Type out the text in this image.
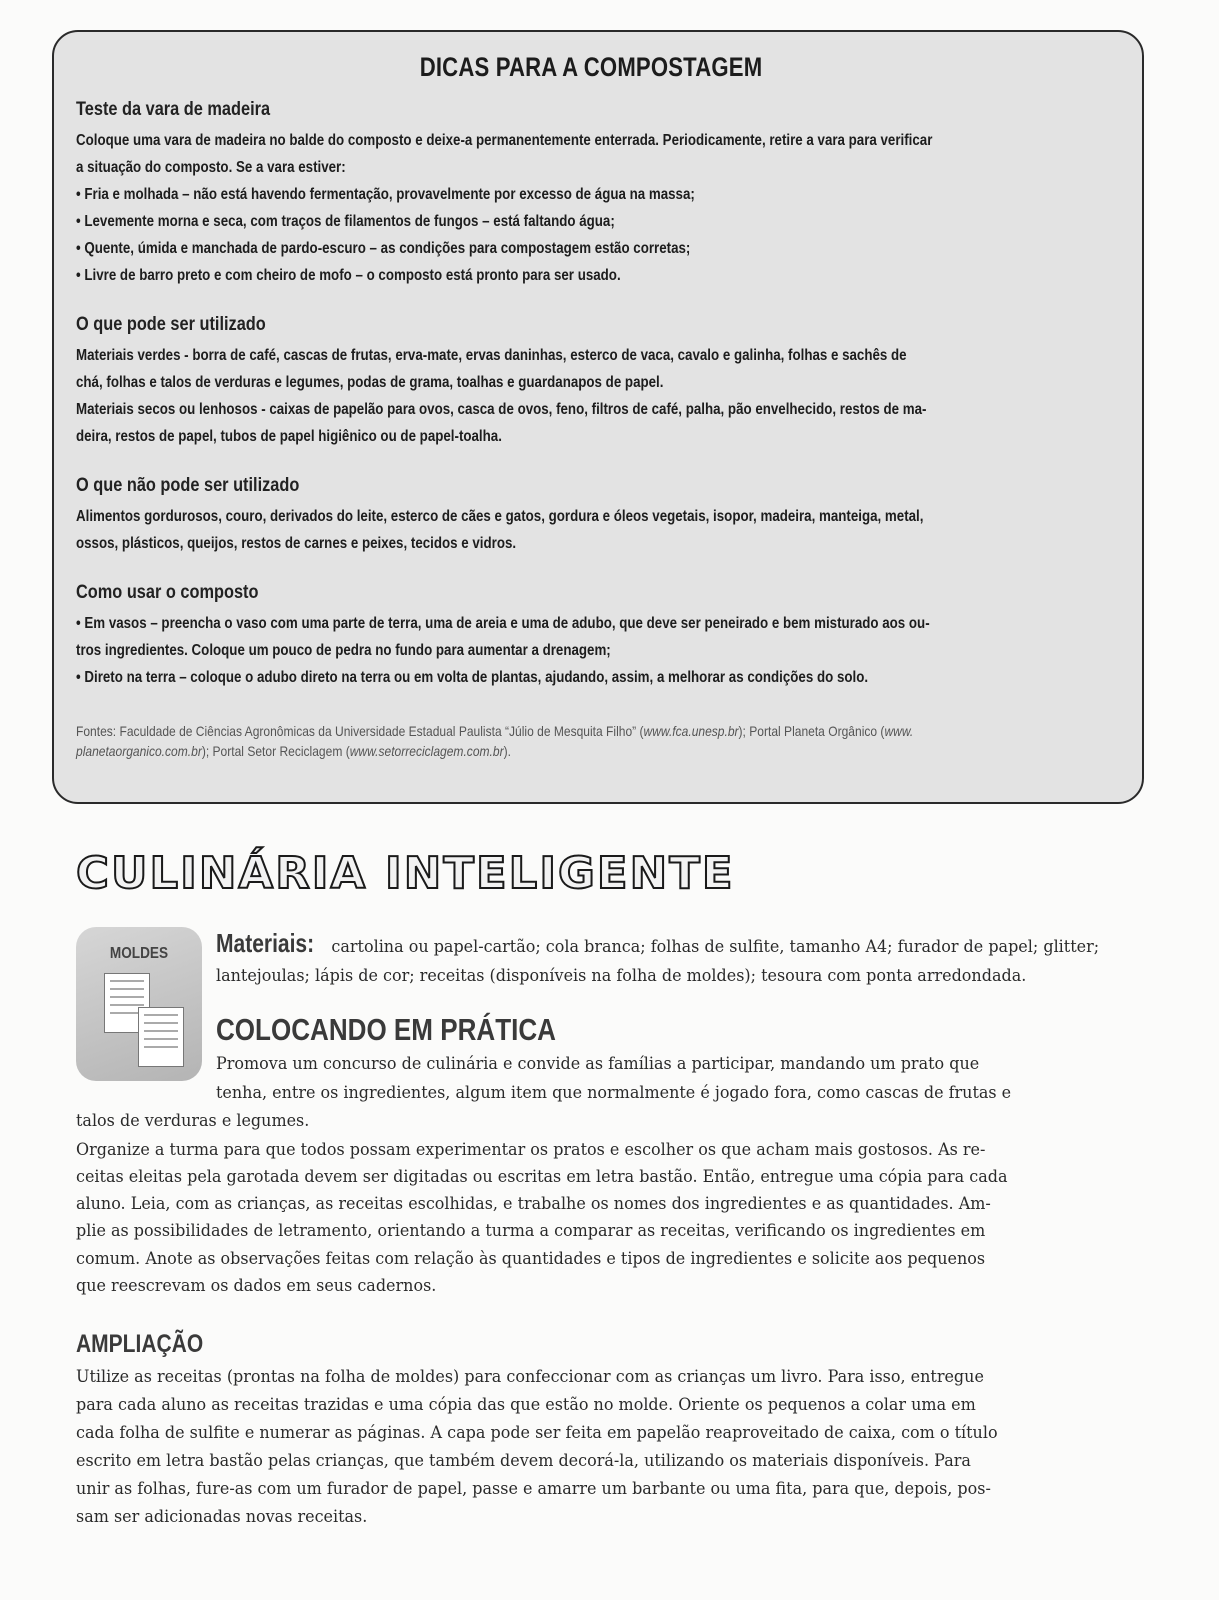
DICAS PARA A COMPOSTAGEM
Teste da vara de madeira
Coloque uma vara de madeira no balde do composto e deixe-a permanentemente enterrada. Periodicamente, retire a vara para verificar
a situação do composto. Se a vara estiver:
• Fria e molhada – não está havendo fermentação, provavelmente por excesso de água na massa;
• Levemente morna e seca, com traços de filamentos de fungos – está faltando água;
• Quente, úmida e manchada de pardo-escuro – as condições para compostagem estão corretas;
• Livre de barro preto e com cheiro de mofo – o composto está pronto para ser usado.
O que pode ser utilizado
Materiais verdes - borra de café, cascas de frutas, erva-mate, ervas daninhas, esterco de vaca, cavalo e galinha, folhas e sachês de
chá, folhas e talos de verduras e legumes, podas de grama, toalhas e guardanapos de papel.
Materiais secos ou lenhosos - caixas de papelão para ovos, casca de ovos, feno, filtros de café, palha, pão envelhecido, restos de ma-
deira, restos de papel, tubos de papel higiênico ou de papel-toalha.
O que não pode ser utilizado
Alimentos gordurosos, couro, derivados do leite, esterco de cães e gatos, gordura e óleos vegetais, isopor, madeira, manteiga, metal,
ossos, plásticos, queijos, restos de carnes e peixes, tecidos e vidros.
Como usar o composto
• Em vasos – preencha o vaso com uma parte de terra, uma de areia e uma de adubo, que deve ser peneirado e bem misturado aos ou-
tros ingredientes. Coloque um pouco de pedra no fundo para aumentar a drenagem;
• Direto na terra – coloque o adubo direto na terra ou em volta de plantas, ajudando, assim, a melhorar as condições do solo.
Fontes: Faculdade de Ciências Agronômicas da Universidade Estadual Paulista “Júlio de Mesquita Filho” (www.fca.unesp.br); Portal Planeta Orgânico (www.
planetaorganico.com.br); Portal Setor Reciclagem (www.setorreciclagem.com.br).
CULINÁRIA INTELIGENTE
MOLDES	Materiais: cartolina ou papel-cartão; cola branca; folhas de sulfite, tamanho A4; furador de papel; glitter;
lantejoulas; lápis de cor; receitas (disponíveis na folha de moldes); tesoura com ponta arredondada.
COLOCANDO EM PRÁTICA
Promova um concurso de culinária e convide as famílias a participar, mandando um prato que
tenha, entre os ingredientes, algum item que normalmente é jogado fora, como cascas de frutas e
talos de verduras e legumes.
Organize a turma para que todos possam experimentar os pratos e escolher os que acham mais gostosos. As re-
ceitas eleitas pela garotada devem ser digitadas ou escritas em letra bastão. Então, entregue uma cópia para cada
aluno. Leia, com as crianças, as receitas escolhidas, e trabalhe os nomes dos ingredientes e as quantidades. Am-
plie as possibilidades de letramento, orientando a turma a comparar as receitas, verificando os ingredientes em
comum. Anote as observações feitas com relação às quantidades e tipos de ingredientes e solicite aos pequenos
que reescrevam os dados em seus cadernos.
AMPLIAÇÃO
Utilize as receitas (prontas na folha de moldes) para confeccionar com as crianças um livro. Para isso, entregue
para cada aluno as receitas trazidas e uma cópia das que estão no molde. Oriente os pequenos a colar uma em
cada folha de sulfite e numerar as páginas. A capa pode ser feita em papelão reaproveitado de caixa, com o título
escrito em letra bastão pelas crianças, que também devem decorá-la, utilizando os materiais disponíveis. Para
unir as folhas, fure-as com um furador de papel, passe e amarre um barbante ou uma fita, para que, depois, pos-
sam ser adicionadas novas receitas.
